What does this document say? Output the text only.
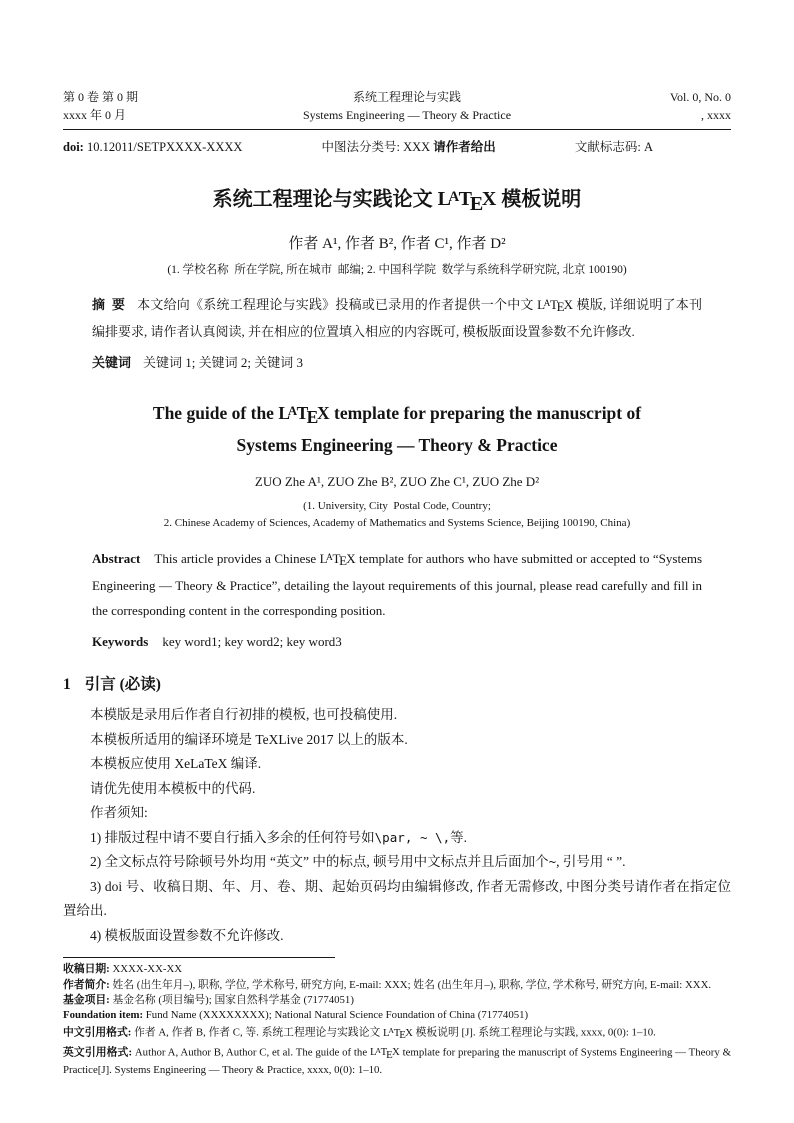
第 0 卷 第 0 期
xxxx 年 0 月
系统工程理论与实践
Systems Engineering — Theory & Practice
Vol. 0, No. 0
, xxxx
doi: 10.12011/SETPXXXX-XXXX	中图法分类号: XXX 请作者给出	文献标志码: A
系统工程理论与实践论文 LATEX 模板说明
作者 A¹, 作者 B², 作者 C¹, 作者 D²
(1. 学校名称 所在学院, 所在城市 邮编; 2. 中国科学院 数学与系统科学研究院, 北京 100190)
摘 要 本文给向《系统工程理论与实践》投稿或已录用的作者提供一个中文 LATEX 模版, 详细说明了本刊编排要求, 请作者认真阅读, 并在相应的位置填入相应的内容既可, 模板版面设置参数不允许修改.
关键词 关键词 1; 关键词 2; 关键词 3
The guide of the LATEX template for preparing the manuscript of
Systems Engineering — Theory & Practice
ZUO Zhe A¹, ZUO Zhe B², ZUO Zhe C¹, ZUO Zhe D²
(1. University, City Postal Code, Country;
2. Chinese Academy of Sciences, Academy of Mathematics and Systems Science, Beijing 100190, China)
Abstract This article provides a Chinese LATEX template for authors who have submitted or accepted to “Systems Engineering — Theory & Practice”, detailing the layout requirements of this journal, please read carefully and fill in the corresponding content in the corresponding position.
Keywords key word1; key word2; key word3
1 引言 (必读)

本模版是录用后作者自行初排的模板, 也可投稿使用.

本模板所适用的编译环境是 TeXLive 2017 以上的版本.

本模板应使用 XeLaTeX 编译.

请优先使用本模板中的代码.

作者须知:

1) 排版过程中请不要自行插入多余的任何符号如\par, ~ \,等.

2) 全文标点符号除顿号外均用 “英文” 中的标点, 顿号用中文标点并且后面加个~, 引号用 “ ”.

3) doi 号、收稿日期、年、月、卷、期、起始页码均由编辑修改, 作者无需修改, 中图分类号请作者在指定位置给出.

4) 模板版面设置参数不允许修改.

收稿日期: XXXX-XX-XX
作者简介: 姓名 (出生年月–), 职称, 学位, 学术称号, 研究方向, E-mail: XXX; 姓名 (出生年月–), 职称, 学位, 学术称号, 研究方向, E-mail: XXX.
基金项目: 基金名称 (项目编号); 国家自然科学基金 (71774051)
Foundation item: Fund Name (XXXXXXXX); National Natural Science Foundation of China (71774051)
中文引用格式: 作者 A, 作者 B, 作者 C, 等. 系统工程理论与实践论文 LATEX 模板说明 [J]. 系统工程理论与实践, xxxx, 0(0): 1–10.
英文引用格式: Author A, Author B, Author C, et al. The guide of the LATEX template for preparing the manuscript of Systems Engineering — Theory & Practice[J]. Systems Engineering — Theory & Practice, xxxx, 0(0): 1–10.
